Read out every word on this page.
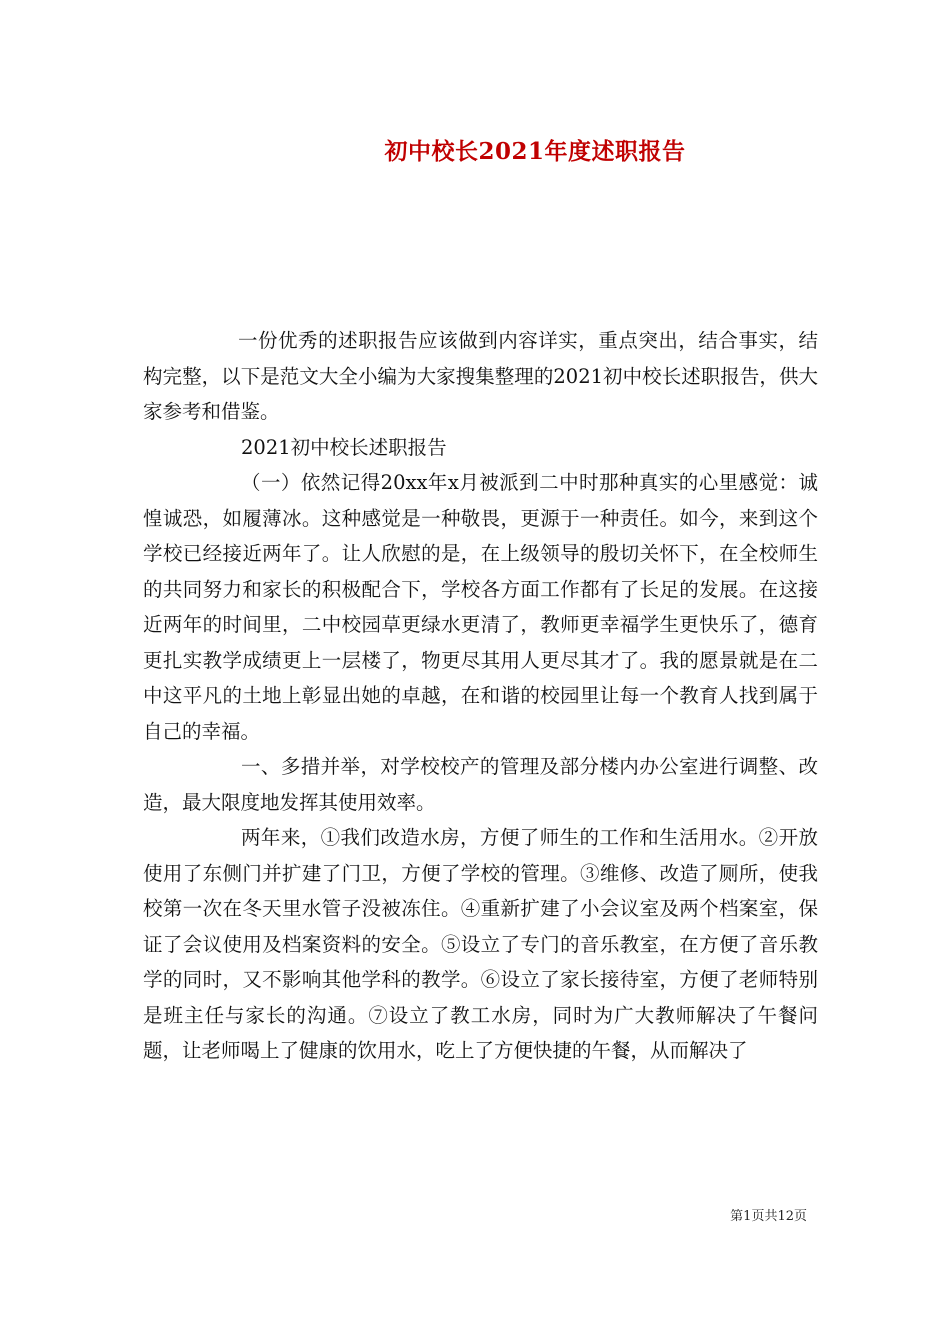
初中校长2021年度述职报告

一份优秀的述职报告应该做到内容详实，重点突出，结合事实，结构完整，以下是范文大全小编为大家搜集整理的2021初中校长述职报告，供大家参考和借鉴。

2021初中校长述职报告

（一）依然记得20xx年x月被派到二中时那种真实的心里感觉：诚惶诚恐，如履薄冰。这种感觉是一种敬畏，更源于一种责任。如今，来到这个学校已经接近两年了。让人欣慰的是，在上级领导的殷切关怀下，在全校师生的共同努力和家长的积极配合下，学校各方面工作都有了长足的发展。在这接近两年的时间里，二中校园草更绿水更清了，教师更幸福学生更快乐了，德育更扎实教学成绩更上一层楼了，物更尽其用人更尽其才了。我的愿景就是在二中这平凡的土地上彰显出她的卓越，在和谐的校园里让每一个教育人找到属于自己的幸福。

一、多措并举，对学校校产的管理及部分楼内办公室进行调整、改造，最大限度地发挥其使用效率。

两年来，①我们改造水房，方便了师生的工作和生活用水。②开放使用了东侧门并扩建了门卫，方便了学校的管理。③维修、改造了厕所，使我校第一次在冬天里水管子没被冻住。④重新扩建了小会议室及两个档案室，保证了会议使用及档案资料的安全。⑤设立了专门的音乐教室，在方便了音乐教学的同时，又不影响其他学科的教学。⑥设立了家长接待室，方便了老师特别是班主任与家长的沟通。⑦设立了教工水房，同时为广大教师解决了午餐问题，让老师喝上了健康的饮用水，吃上了方便快捷的午餐，从而解决了

第1页共12页
